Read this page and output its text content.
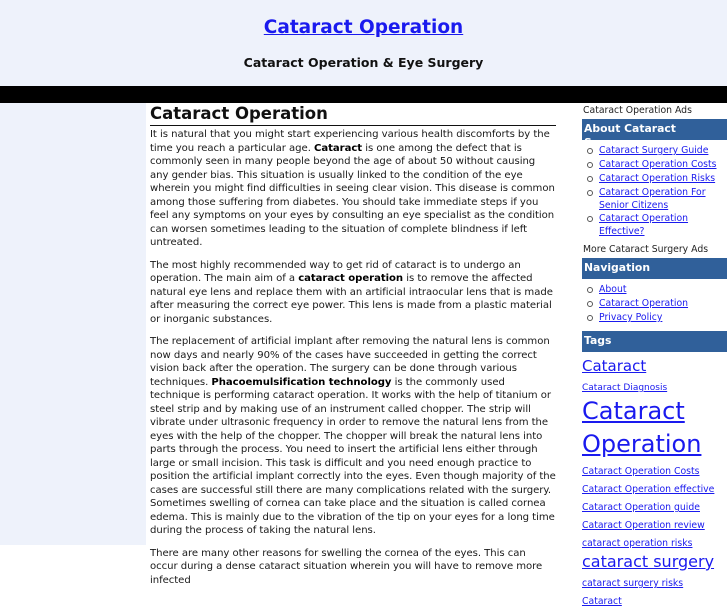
Cataract Operation
Cataract Operation & Eye Surgery
Cataract Operation

It is natural that you might start experiencing various health discomforts by the time you reach a particular age. Cataract is one among the defect that is commonly seen in many people beyond the age of about 50 without causing any gender bias. This situation is usually linked to the condition of the eye wherein you might find difficulties in seeing clear vision. This disease is common among those suffering from diabetes. You should take immediate steps if you feel any symptoms on your eyes by consulting an eye specialist as the condition can worsen sometimes leading to the situation of complete blindness if left untreated.

The most highly recommended way to get rid of cataract is to undergo an operation. The main aim of a cataract operation is to remove the affected natural eye lens and replace them with an artificial intraocular lens that is made after measuring the correct eye power. This lens is made from a plastic material or inorganic substances.

The replacement of artificial implant after removing the natural lens is common now days and nearly 90% of the cases have succeeded in getting the correct vision back after the operation. The surgery can be done through various techniques. Phacoemulsification technology is the commonly used technique is performing cataract operation. It works with the help of titanium or steel strip and by making use of an instrument called chopper. The strip will vibrate under ultrasonic frequency in order to remove the natural lens from the eyes with the help of the chopper. The chopper will break the natural lens into parts through the process. You need to insert the artificial lens either through large or small incision. This task is difficult and you need enough practice to position the artificial implant correctly into the eyes. Even though majority of the cases are successful still there are many complications related with the surgery. Sometimes swelling of cornea can take place and the situation is called cornea edema. This is mainly due to the vibration of the tip on your eyes for a long time during the process of taking the natural lens.

There are many other reasons for swelling the cornea of the eyes. This can occur during a dense cataract situation wherein you will have to remove more infected

Cataract Operation Ads
About Cataract Surgery
Cataract Surgery Guide
Cataract Operation Costs
Cataract Operation Risks
Cataract Operation For Senior Citizens
Cataract Operation Effective?
More Cataract Surgery Ads
Navigation
About
Cataract Operation
Privacy Policy
Tags
Cataract Cataract Diagnosis Cataract Operation Cataract Operation Costs Cataract Operation effective Cataract Operation guide Cataract Operation review cataract operation risks cataract surgery cataract surgery risks Cataract
